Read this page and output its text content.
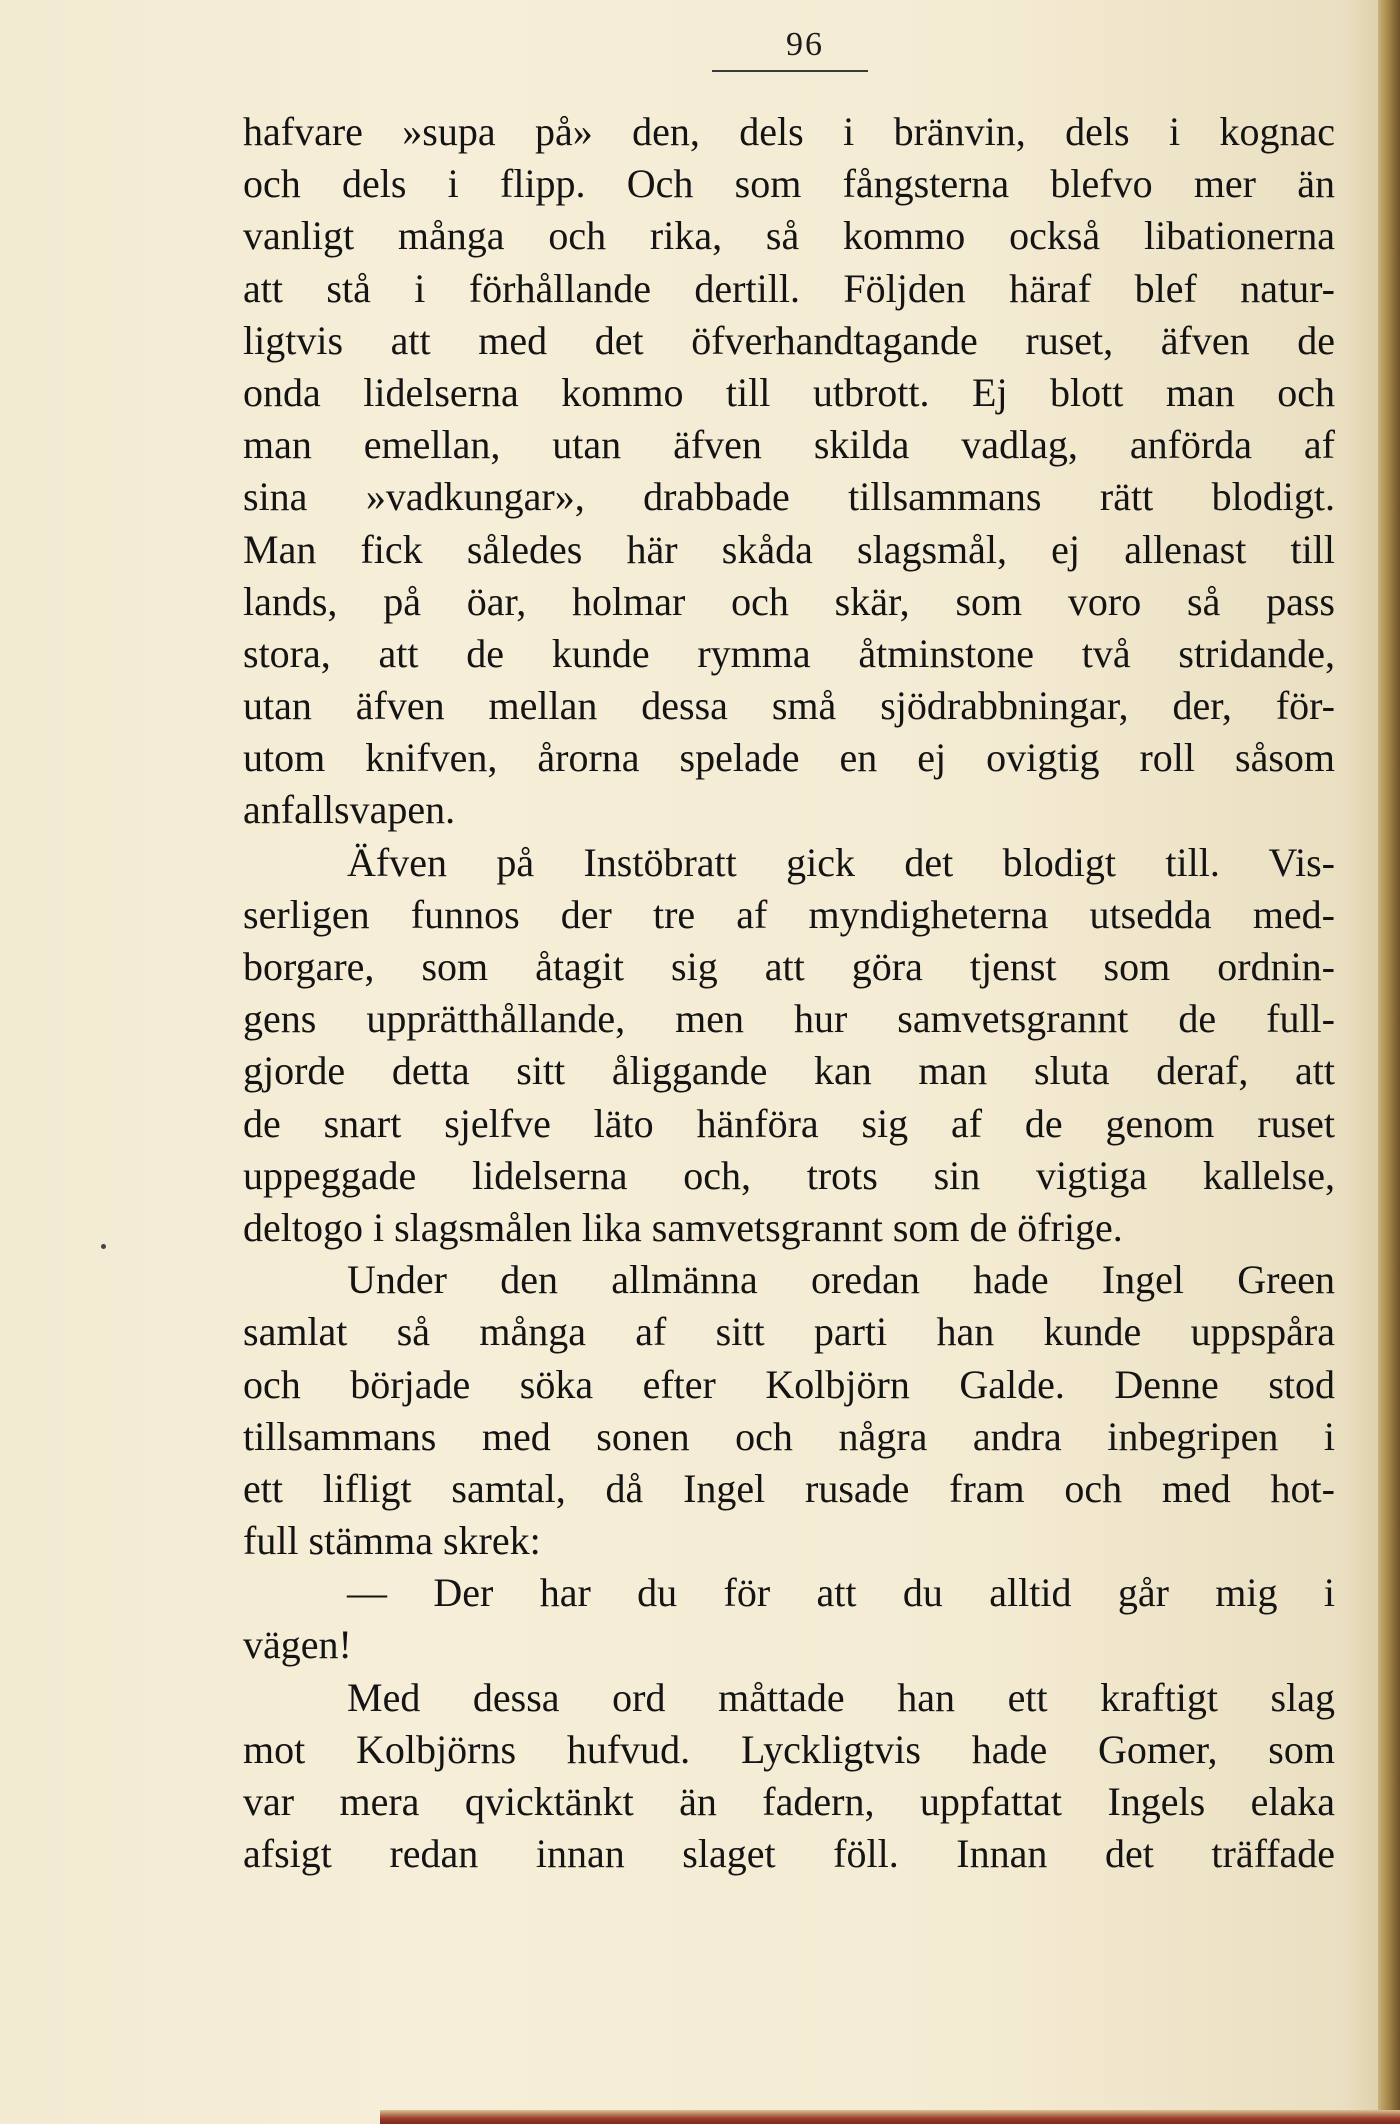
96
hafvare »supa på» den, dels i bränvin, dels i kognac
och dels i flipp. Och som fångsterna blefvo mer än
vanligt många och rika, så kommo också libationerna
att stå i förhållande dertill. Följden häraf blef natur-
ligtvis att med det öfverhandtagande ruset, äfven de
onda lidelserna kommo till utbrott. Ej blott man och
man emellan, utan äfven skilda vadlag, anförda af
sina »vadkungar», drabbade tillsammans rätt blodigt.
Man fick således här skåda slagsmål, ej allenast till
lands, på öar, holmar och skär, som voro så pass
stora, att de kunde rymma åtminstone två stridande,
utan äfven mellan dessa små sjödrabbningar, der, för-
utom knifven, årorna spelade en ej ovigtig roll såsom
anfallsvapen.
Äfven på Instöbratt gick det blodigt till. Vis-
serligen funnos der tre af myndigheterna utsedda med-
borgare, som åtagit sig att göra tjenst som ordnin-
gens upprätthållande, men hur samvetsgrannt de full-
gjorde detta sitt åliggande kan man sluta deraf, att
de snart sjelfve läto hänföra sig af de genom ruset
uppeggade lidelserna och, trots sin vigtiga kallelse,
deltogo i slagsmålen lika samvetsgrannt som de öfrige.
Under den allmänna oredan hade Ingel Green
samlat så många af sitt parti han kunde uppspåra
och började söka efter Kolbjörn Galde. Denne stod
tillsammans med sonen och några andra inbegripen i
ett lifligt samtal, då Ingel rusade fram och med hot-
full stämma skrek:
— Der har du för att du alltid går mig i
vägen!
Med dessa ord måttade han ett kraftigt slag
mot Kolbjörns hufvud. Lyckligtvis hade Gomer, som
var mera qvicktänkt än fadern, uppfattat Ingels elaka
afsigt redan innan slaget föll. Innan det träffade
